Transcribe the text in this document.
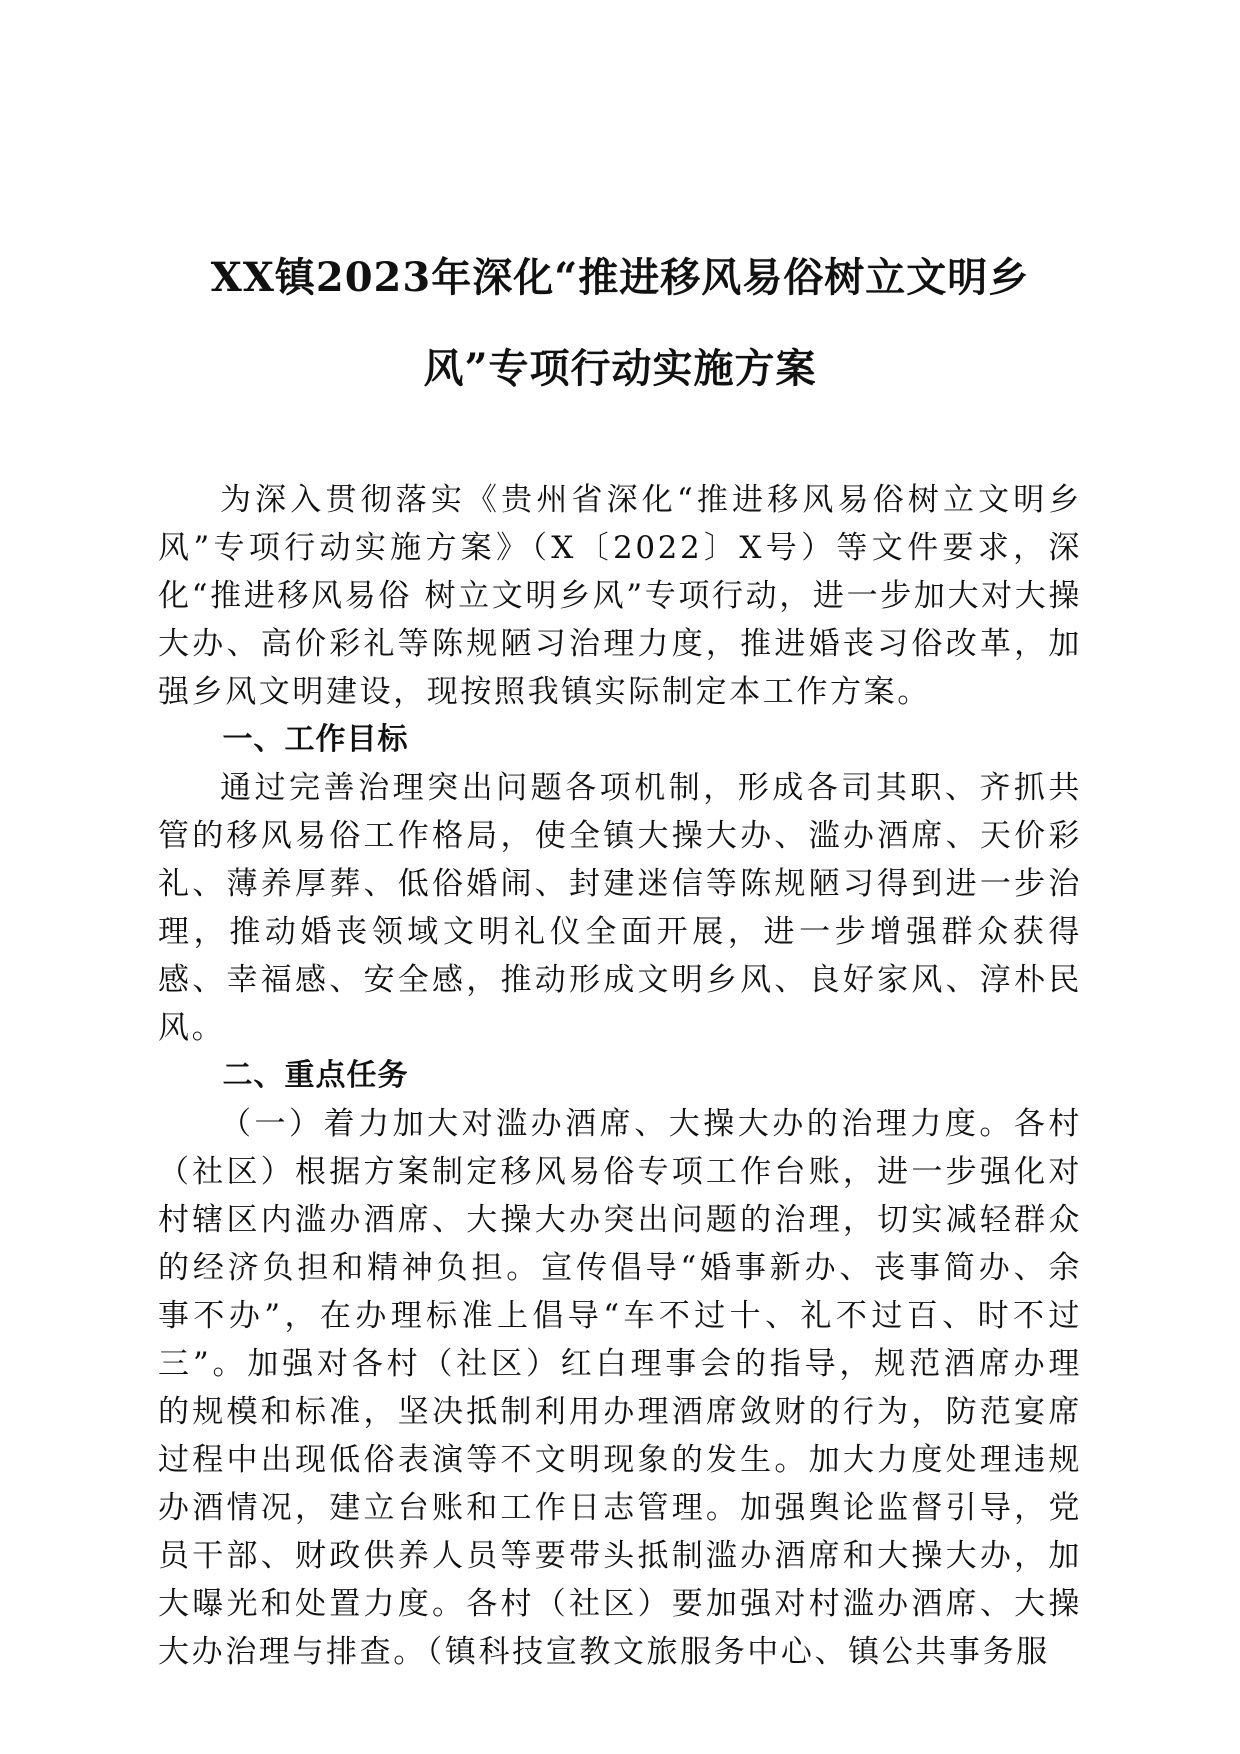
XX镇2023年深化“推进移风易俗树立文明乡
风”专项行动实施方案

为深入贯彻落实《贵州省深化“推进移风易俗树立文明乡风”专项行动实施方案》（X〔2022〕X号）等文件要求，深化“推进移风易俗 树立文明乡风”专项行动，进一步加大对大操大办、高价彩礼等陈规陋习治理力度，推进婚丧习俗改革，加强乡风文明建设，现按照我镇实际制定本工作方案。

一、工作目标

通过完善治理突出问题各项机制，形成各司其职、齐抓共管的移风易俗工作格局，使全镇大操大办、滥办酒席、天价彩礼、薄养厚葬、低俗婚闹、封建迷信等陈规陋习得到进一步治理，推动婚丧领域文明礼仪全面开展，进一步增强群众获得感、幸福感、安全感，推动形成文明乡风、良好家风、淳朴民风。

二、重点任务

（一）着力加大对滥办酒席、大操大办的治理力度。各村（社区）根据方案制定移风易俗专项工作台账，进一步强化对村辖区内滥办酒席、大操大办突出问题的治理，切实减轻群众的经济负担和精神负担。宣传倡导“婚事新办、丧事简办、余事不办”，在办理标准上倡导“车不过十、礼不过百、时不过三”。加强对各村（社区）红白理事会的指导，规范酒席办理的规模和标准，坚决抵制利用办理酒席敛财的行为，防范宴席过程中出现低俗表演等不文明现象的发生。加大力度处理违规办酒情况，建立台账和工作日志管理。加强舆论监督引导，党员干部、财政供养人员等要带头抵制滥办酒席和大操大办，加大曝光和处置力度。各村（社区）要加强对村滥办酒席、大操大办治理与排查。（镇科技宣教文旅服务中心、镇公共事务服
